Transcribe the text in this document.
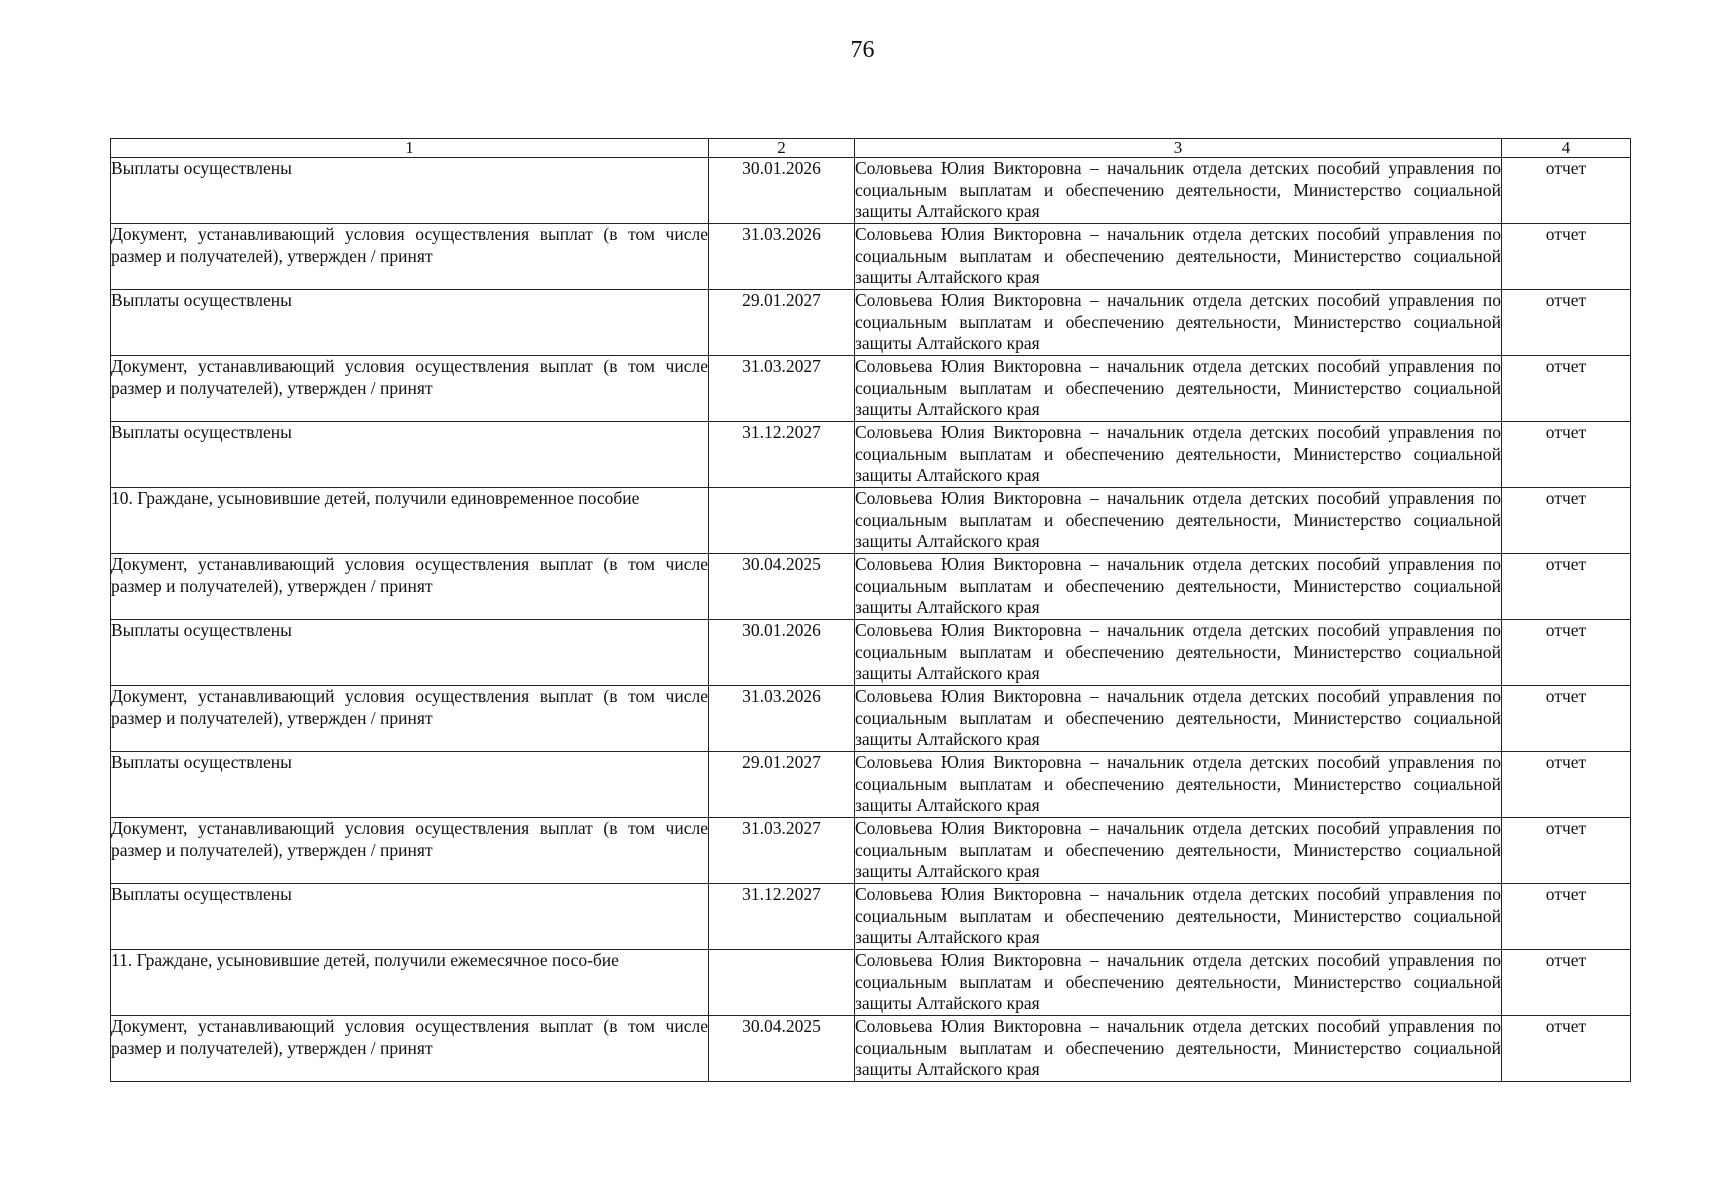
76
1	2	3	4
Выплаты осуществлены	30.01.2026	Соловьева Юлия Викторовна – начальник отдела детских пособий управления по социальным выплатам и обеспечению деятельности, Министерство социальной защиты Алтайского края	отчет
Документ, устанавливающий условия осуществления выплат (в том числе размер и получателей), утвержден / принят	31.03.2026	Соловьева Юлия Викторовна – начальник отдела детских пособий управления по социальным выплатам и обеспечению деятельности, Министерство социальной защиты Алтайского края	отчет
Выплаты осуществлены	29.01.2027	Соловьева Юлия Викторовна – начальник отдела детских пособий управления по социальным выплатам и обеспечению деятельности, Министерство социальной защиты Алтайского края	отчет
Документ, устанавливающий условия осуществления выплат (в том числе размер и получателей), утвержден / принят	31.03.2027	Соловьева Юлия Викторовна – начальник отдела детских пособий управления по социальным выплатам и обеспечению деятельности, Министерство социальной защиты Алтайского края	отчет
Выплаты осуществлены	31.12.2027	Соловьева Юлия Викторовна – начальник отдела детских пособий управления по социальным выплатам и обеспечению деятельности, Министерство социальной защиты Алтайского края	отчет
10. Граждане, усыновившие детей, получили единовременное пособие		Соловьева Юлия Викторовна – начальник отдела детских пособий управления по социальным выплатам и обеспечению деятельности, Министерство социальной защиты Алтайского края	отчет
Документ, устанавливающий условия осуществления выплат (в том числе размер и получателей), утвержден / принят	30.04.2025	Соловьева Юлия Викторовна – начальник отдела детских пособий управления по социальным выплатам и обеспечению деятельности, Министерство социальной защиты Алтайского края	отчет
Выплаты осуществлены	30.01.2026	Соловьева Юлия Викторовна – начальник отдела детских пособий управления по социальным выплатам и обеспечению деятельности, Министерство социальной защиты Алтайского края	отчет
Документ, устанавливающий условия осуществления выплат (в том числе размер и получателей), утвержден / принят	31.03.2026	Соловьева Юлия Викторовна – начальник отдела детских пособий управления по социальным выплатам и обеспечению деятельности, Министерство социальной защиты Алтайского края	отчет
Выплаты осуществлены	29.01.2027	Соловьева Юлия Викторовна – начальник отдела детских пособий управления по социальным выплатам и обеспечению деятельности, Министерство социальной защиты Алтайского края	отчет
Документ, устанавливающий условия осуществления выплат (в том числе размер и получателей), утвержден / принят	31.03.2027	Соловьева Юлия Викторовна – начальник отдела детских пособий управления по социальным выплатам и обеспечению деятельности, Министерство социальной защиты Алтайского края	отчет
Выплаты осуществлены	31.12.2027	Соловьева Юлия Викторовна – начальник отдела детских пособий управления по социальным выплатам и обеспечению деятельности, Министерство социальной защиты Алтайского края	отчет
11. Граждане, усыновившие детей, получили ежемесячное посо-бие		Соловьева Юлия Викторовна – начальник отдела детских пособий управления по социальным выплатам и обеспечению деятельности, Министерство социальной защиты Алтайского края	отчет
Документ, устанавливающий условия осуществления выплат (в том числе размер и получателей), утвержден / принят	30.04.2025	Соловьева Юлия Викторовна – начальник отдела детских пособий управления по социальным выплатам и обеспечению деятельности, Министерство социальной защиты Алтайского края	отчет
